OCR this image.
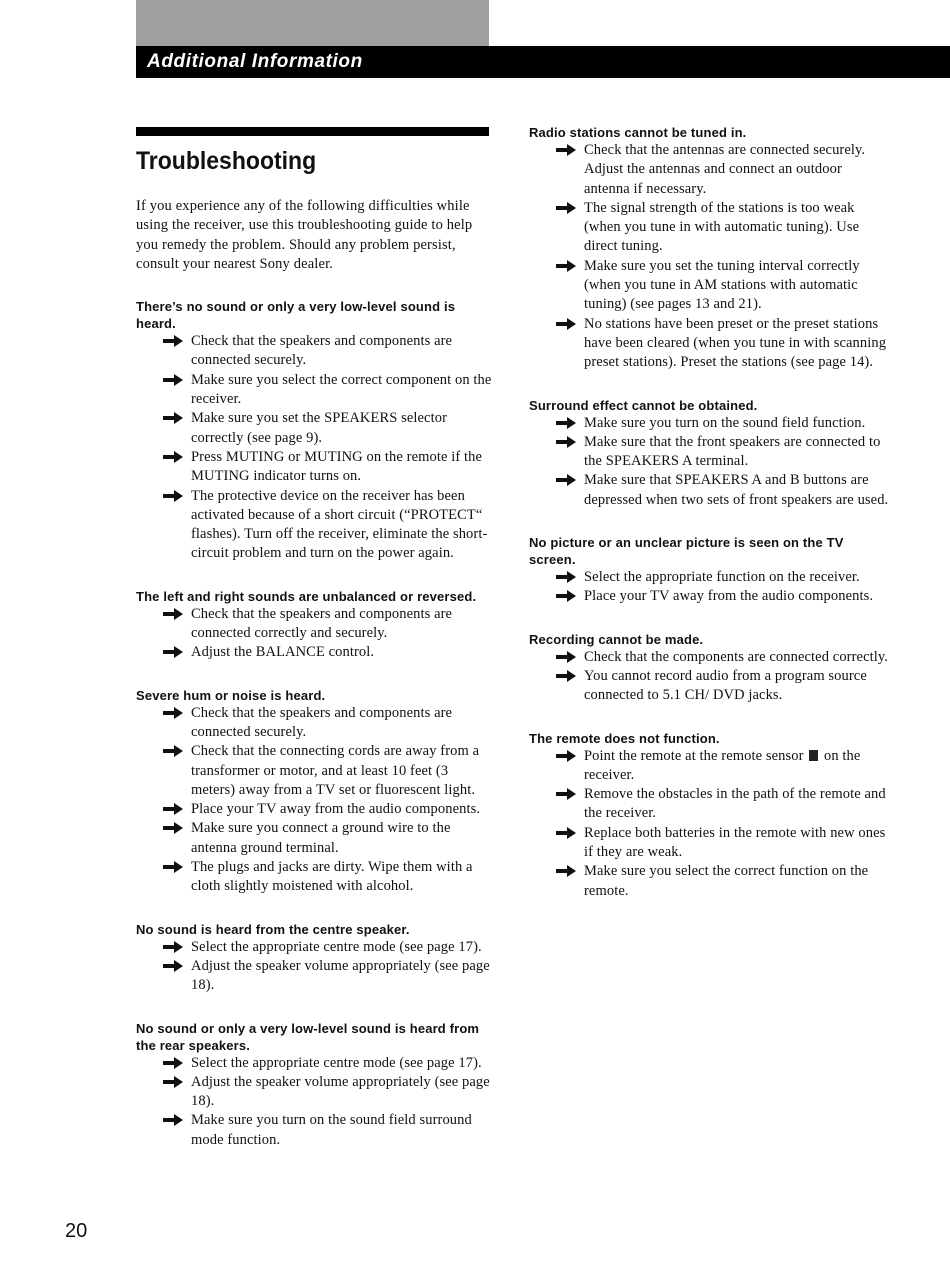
Additional Information
Troubleshooting

If you experience any of the following difficulties while using the receiver, use this troubleshooting guide to help you remedy the problem. Should any problem persist, consult your nearest Sony dealer.

There’s no sound or only a very low-level sound is heard.
Check that the speakers and components are connected securely.
Make sure you select the correct component on the receiver.
Make sure you set the SPEAKERS selector correctly (see page 9).
Press MUTING or MUTING on the remote if the MUTING indicator turns on.
The protective device on the receiver has been activated because of a short circuit (“PROTECT“ flashes). Turn off the receiver, eliminate the short-circuit problem and turn on the power again.
The left and right sounds are unbalanced or reversed.
Check that the speakers and components are connected correctly and securely.
Adjust the BALANCE control.
Severe hum or noise is heard.
Check that the speakers and components are connected securely.
Check that the connecting cords are away from a transformer or motor, and at least 10 feet (3 meters) away from a TV set or fluorescent light.
Place your TV away from the audio components.
Make sure you connect a ground wire to the antenna ground terminal.
The plugs and jacks are dirty. Wipe them with a cloth slightly moistened with alcohol.
No sound is heard from the centre speaker.
Select the appropriate centre mode (see page 17).
Adjust the speaker volume appropriately (see page 18).
No sound or only a very low-level sound is heard from the rear speakers.
Select the appropriate centre mode (see page 17).
Adjust the speaker volume appropriately (see page 18).
Make sure you turn on the sound field surround mode function.
Radio stations cannot be tuned in.
Check that the antennas are connected securely. Adjust the antennas and connect an outdoor antenna if necessary.
The signal strength of the stations is too weak (when you tune in with automatic tuning). Use direct tuning.
Make sure you set the tuning interval correctly (when you tune in AM stations with automatic tuning) (see pages 13 and 21).
No stations have been preset or the preset stations have been cleared (when you tune in with scanning preset stations). Preset the stations (see page 14).
Surround effect cannot be obtained.
Make sure you turn on the sound field function.
Make sure that the front speakers are connected to the SPEAKERS A terminal.
Make sure that SPEAKERS A and B buttons are depressed when two sets of front speakers are used.
No picture or an unclear picture is seen on the TV screen.
Select the appropriate function on the receiver.
Place your TV away from the audio components.
Recording cannot be made.
Check that the components are connected correctly.
You cannot record audio from a program source connected to 5.1 CH/ DVD jacks.
The remote does not function.
Point the remote at the remote sensor  on the receiver.
Remove the obstacles in the path of the remote and the receiver.
Replace both batteries in the remote with new ones if they are weak.
Make sure you select the correct function on the remote.
20
